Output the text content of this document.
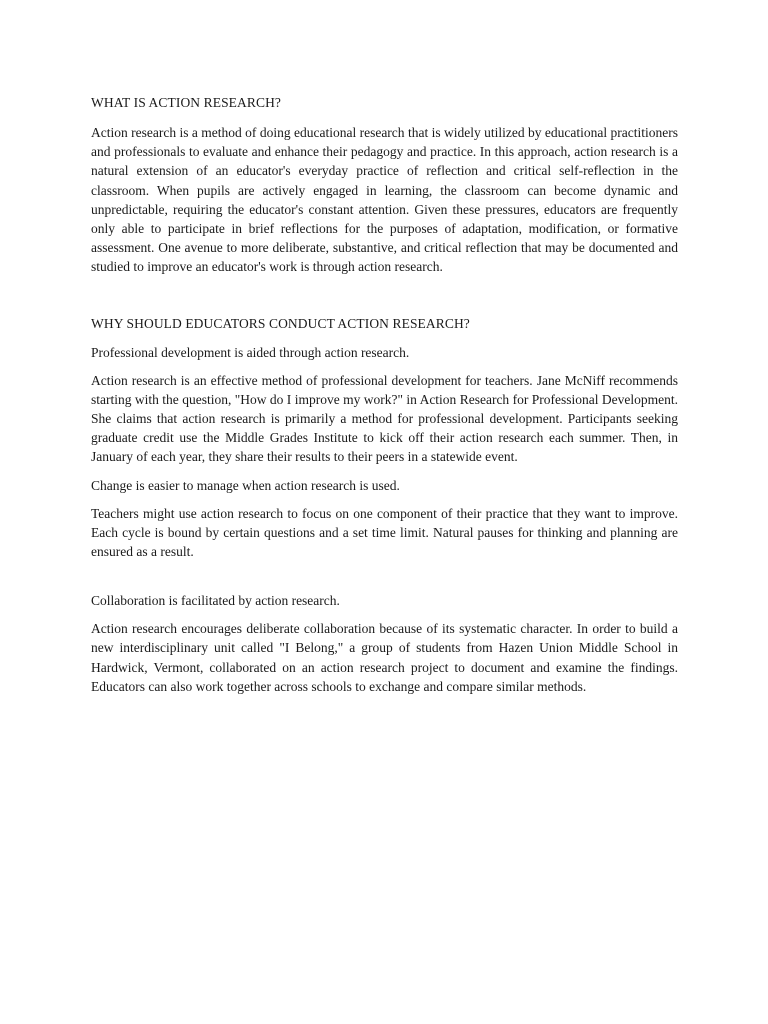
WHAT IS ACTION RESEARCH?

Action research is a method of doing educational research that is widely utilized by educational practitioners and professionals to evaluate and enhance their pedagogy and practice. In this approach, action research is a natural extension of an educator's everyday practice of reflection and critical self-reflection in the classroom. When pupils are actively engaged in learning, the classroom can become dynamic and unpredictable, requiring the educator's constant attention. Given these pressures, educators are frequently only able to participate in brief reflections for the purposes of adaptation, modification, or formative assessment. One avenue to more deliberate, substantive, and critical reflection that may be documented and studied to improve an educator's work is through action research.

WHY SHOULD EDUCATORS CONDUCT ACTION RESEARCH?

Professional development is aided through action research.

Action research is an effective method of professional development for teachers. Jane McNiff recommends starting with the question, "How do I improve my work?" in Action Research for Professional Development. She claims that action research is primarily a method for professional development. Participants seeking graduate credit use the Middle Grades Institute to kick off their action research each summer. Then, in January of each year, they share their results to their peers in a statewide event.

Change is easier to manage when action research is used.

Teachers might use action research to focus on one component of their practice that they want to improve. Each cycle is bound by certain questions and a set time limit. Natural pauses for thinking and planning are ensured as a result.

Collaboration is facilitated by action research.

Action research encourages deliberate collaboration because of its systematic character. In order to build a new interdisciplinary unit called "I Belong," a group of students from Hazen Union Middle School in Hardwick, Vermont, collaborated on an action research project to document and examine the findings. Educators can also work together across schools to exchange and compare similar methods.
